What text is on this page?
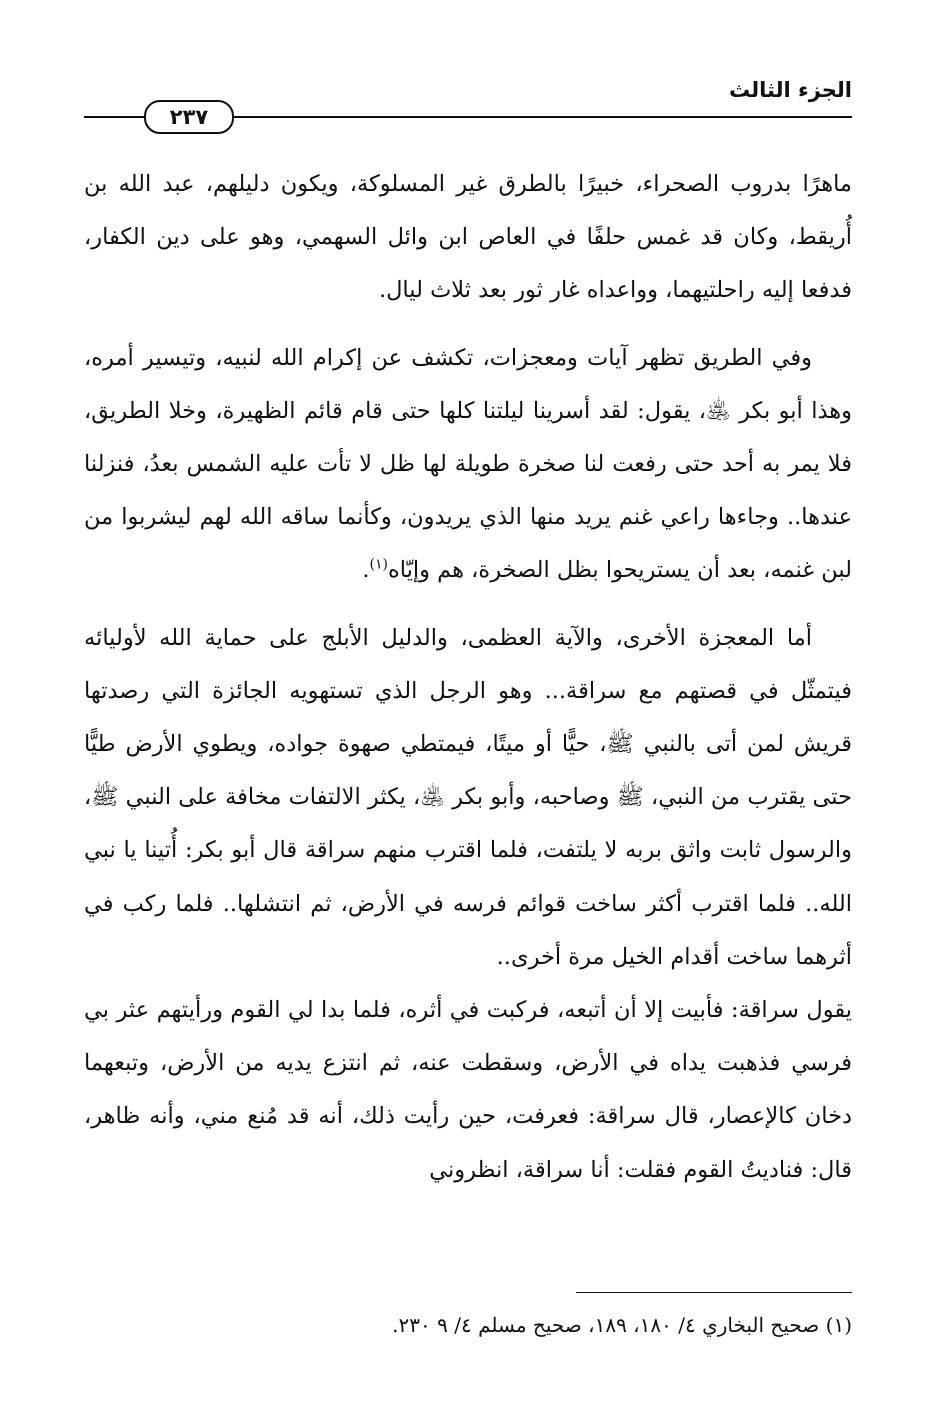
الجزء الثالث
٢٣٧

ماهرًا بدروب الصحراء، خبيرًا بالطرق غير المسلوكة، ويكون دليلهم، عبد الله بن أُريقط، وكان قد غمس حلفًا في العاص ابن وائل السهمي، وهو على دين الكفار، فدفعا إليه راحلتيهما، وواعداه غار ثور بعد ثلاث ليال.

وفي الطريق تظهر آيات ومعجزات، تكشف عن إكرام الله لنبيه، وتيسير أمره، وهذا أبو بكر ﵁، يقول: لقد أسرينا ليلتنا كلها حتى قام قائم الظهيرة، وخلا الطريق، فلا يمر به أحد حتى رفعت لنا صخرة طويلة لها ظل لا تأت عليه الشمس بعدُ، فنزلنا عندها.. وجاءها راعي غنم يريد منها الذي يريدون، وكأنما ساقه الله لهم ليشربوا من لبن غنمه، بعد أن يستريحوا بظل الصخرة، هم وإيّاه$^{(١)}$.

أما المعجزة الأخرى، والآية العظمى، والدليل الأبلج على حماية الله لأوليائه فيتمثّل في قصتهم مع سراقة... وهو الرجل الذي تستهويه الجائزة التي رصدتها قريش لمن أتى بالنبي ﷺ، حيًّا أو ميتًا، فيمتطي صهوة جواده، ويطوي الأرض طيًّا حتى يقترب من النبي، ﷺ وصاحبه، وأبو بكر ﵁، يكثر الالتفات مخافة على النبي ﷺ، والرسول ثابت واثق بربه لا يلتفت، فلما اقترب منهم سراقة قال أبو بكر: أُتينا يا نبي الله.. فلما اقترب أكثر ساخت قوائم فرسه في الأرض، ثم انتشلها.. فلما ركب في أثرهما ساخت أقدام الخيل مرة أخرى..

يقول سراقة: فأبيت إلا أن أتبعه، فركبت في أثره، فلما بدا لي القوم ورأيتهم عثر بي فرسي فذهبت يداه في الأرض، وسقطت عنه، ثم انتزع يديه من الأرض، وتبعهما دخان كالإعصار، قال سراقة: فعرفت، حين رأيت ذلك، أنه قد مُنع مني، وأنه ظاهر، قال: فناديتُ القوم فقلت: أنا سراقة، انظروني

(١) صحيح البخاري ٤/ ١٨٠، ١٨٩، صحيح مسلم ٤/ ٩ ٢٣٠.
